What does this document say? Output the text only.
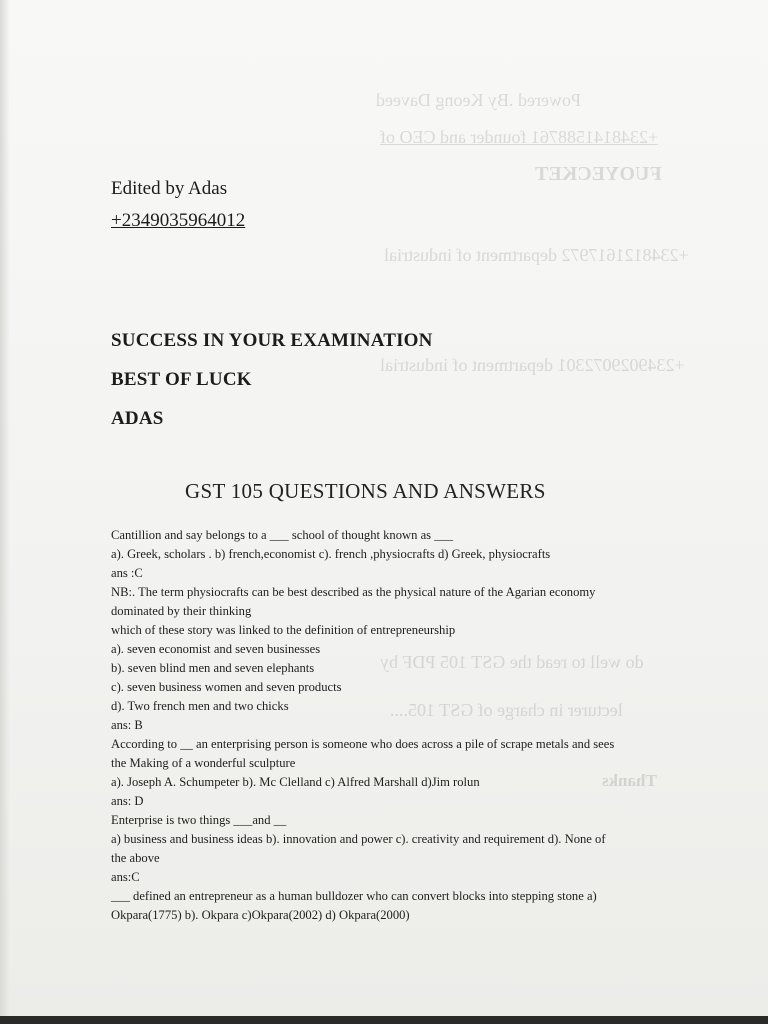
Powered .By Keong Daveed
+2348141588761 founder and CEO of
FUOYECKET
+2348121617972 department of industrial
+2349029072301 department of industrial
do well to read the GST 105 PDF by
lecturer in charge of GST 105....
Thanks

Edited by Adas

+2349035964012

SUCCESS IN YOUR EXAMINATION

BEST OF LUCK

ADAS

GST 105 QUESTIONS AND ANSWERS

Cantillion and say belongs to a ___ school of thought known as ___

a). Greek, scholars . b) french,economist c). french ,physiocrafts d) Greek, physiocrafts

ans :C

NB:. The term physiocrafts can be best described as the physical nature of the Agarian economy

dominated by their thinking

which of these story was linked to the definition of entrepreneurship

a). seven economist and seven businesses

b). seven blind men and seven elephants

c). seven business women and seven products

d). Two french men and two chicks

ans: B

According to __ an enterprising person is someone who does across a pile of scrape metals and sees

the Making of a wonderful sculpture

a). Joseph A. Schumpeter b). Mc Clelland c) Alfred Marshall d)Jim rolun

ans: D

Enterprise is two things ___and __

a) business and business ideas b). innovation and power c). creativity and requirement d). None of

the above

ans:C

___ defined an entrepreneur as a human bulldozer who can convert blocks into stepping stone a)

Okpara(1775) b). Okpara c)Okpara(2002) d) Okpara(2000)
